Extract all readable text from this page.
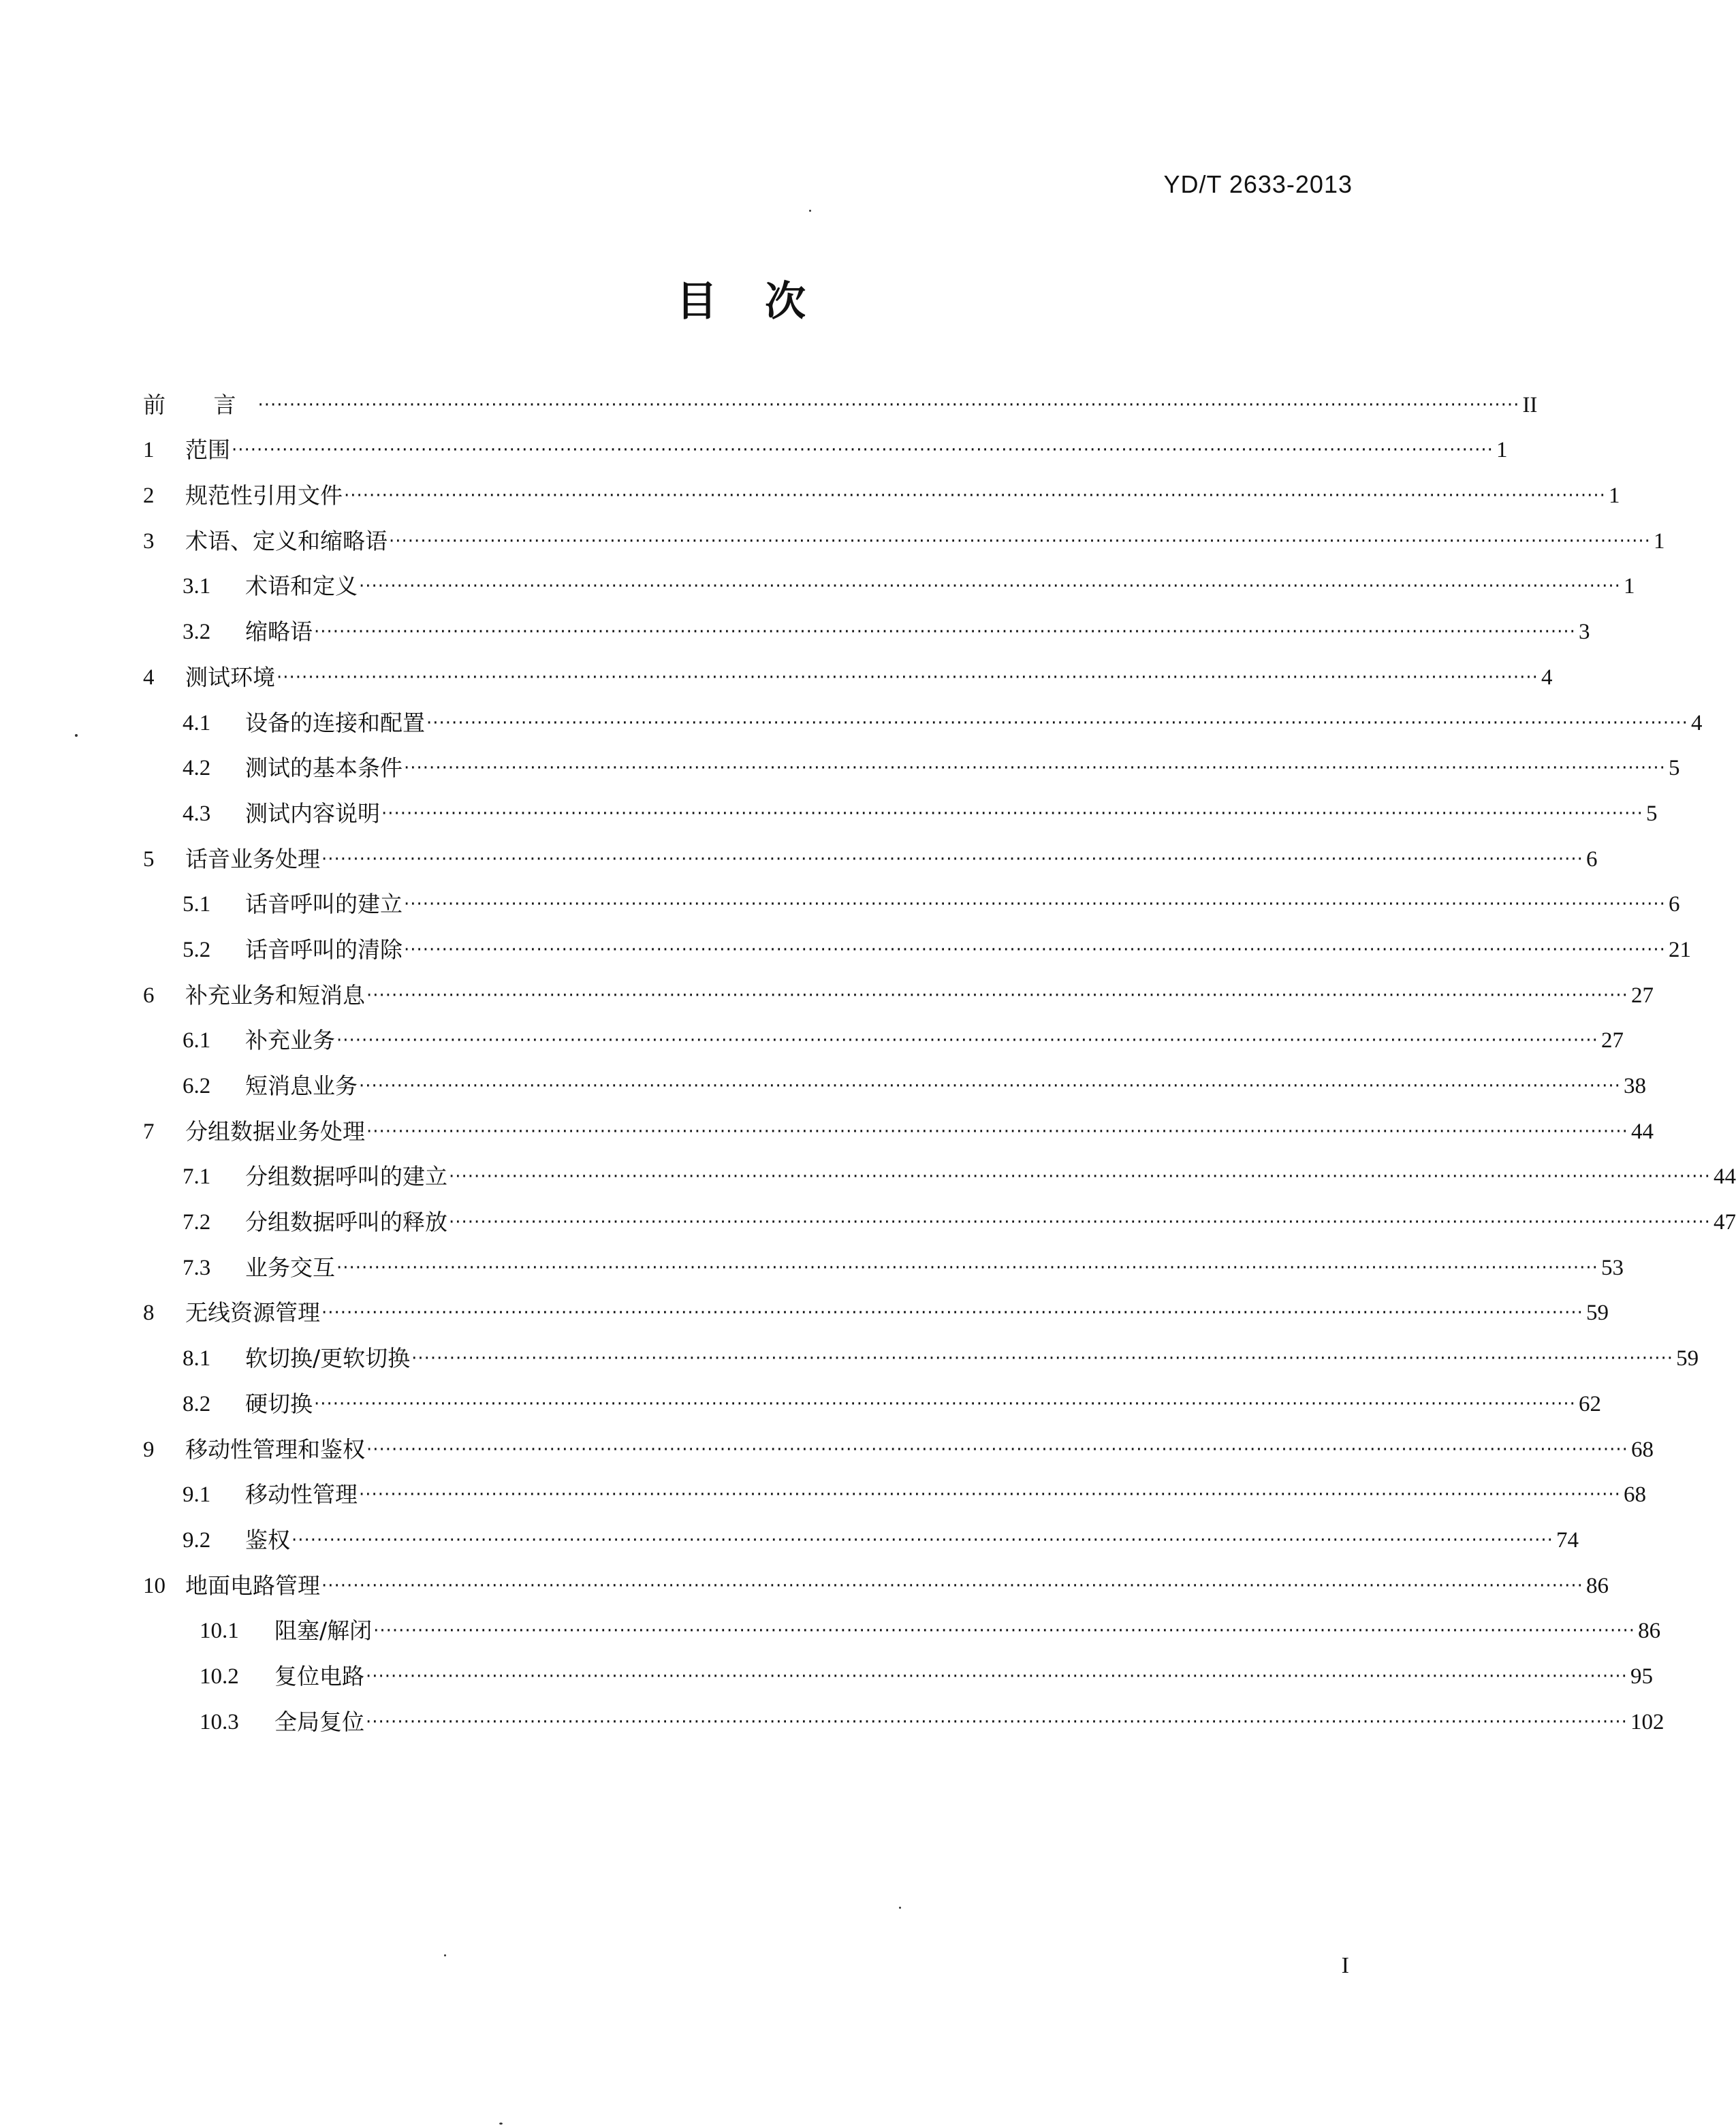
YD/T 2633-2013
目次
前 言 ········································································································································································································ II
1	范围 ········································································································································································································ 1
2	规范性引用文件 ········································································································································································································ 1
3	术语、定义和缩略语 ········································································································································································································ 1
3.1	术语和定义 ········································································································································································································ 1
3.2	缩略语 ········································································································································································································ 3
4	测试环境 ········································································································································································································ 4
4.1	设备的连接和配置 ········································································································································································································ 4
4.2	测试的基本条件 ········································································································································································································ 5
4.3	测试内容说明 ········································································································································································································ 5
5	话音业务处理 ········································································································································································································ 6
5.1	话音呼叫的建立 ········································································································································································································ 6
5.2	话音呼叫的清除 ········································································································································································································ 21
6	补充业务和短消息 ········································································································································································································ 27
6.1	补充业务 ········································································································································································································ 27
6.2	短消息业务 ········································································································································································································ 38
7	分组数据业务处理 ········································································································································································································ 44
7.1	分组数据呼叫的建立 ········································································································································································································ 44
7.2	分组数据呼叫的释放 ········································································································································································································ 47
7.3	业务交互 ········································································································································································································ 53
8	无线资源管理 ········································································································································································································ 59
8.1	软切换/更软切换 ········································································································································································································ 59
8.2	硬切换 ········································································································································································································ 62
9	移动性管理和鉴权 ········································································································································································································ 68
9.1	移动性管理 ········································································································································································································ 68
9.2	鉴权 ········································································································································································································ 74
10 地面电路管理 ········································································································································································································ 86
10.1	阻塞/解闭 ········································································································································································································ 86
10.2	复位电路 ········································································································································································································ 95
10.3	全局复位 ········································································································································································································ 102
I
